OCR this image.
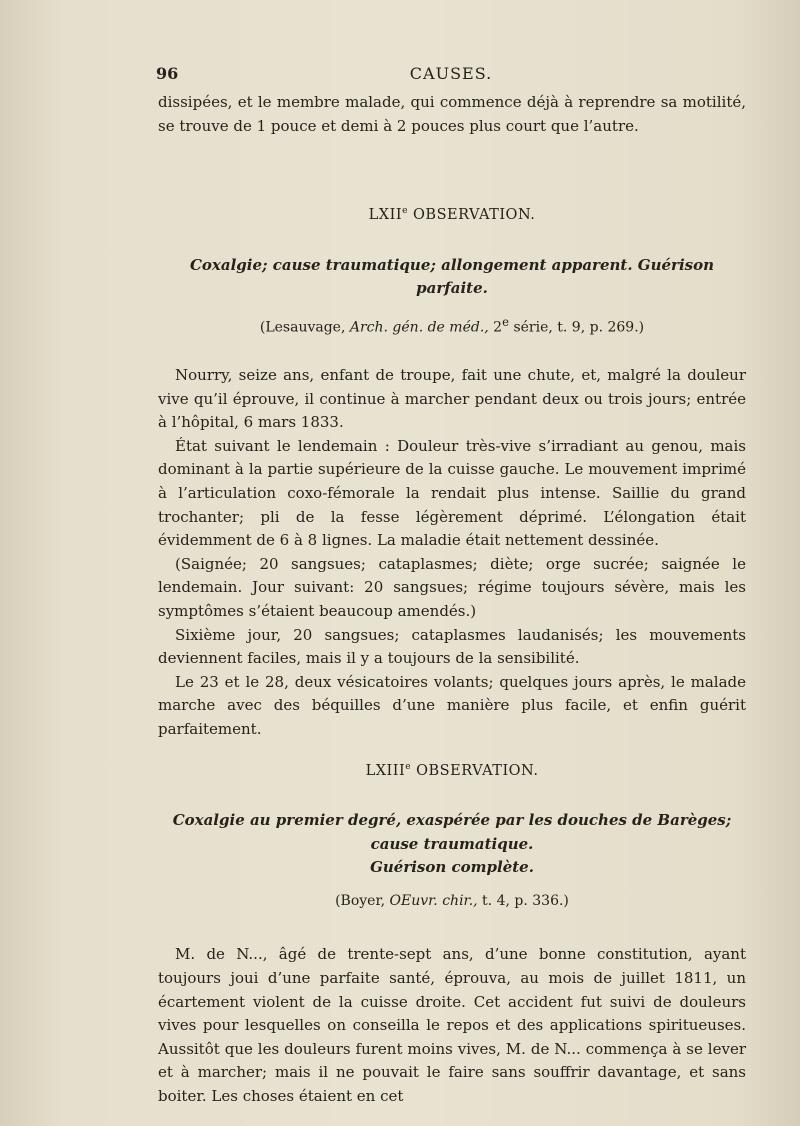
96	CAUSES.

dissipées, et le membre malade, qui commence déjà à reprendre sa motilité, se trouve de 1 pouce et demi à 2 pouces plus court que l’autre.

LXIIe OBSERVATION.

Coxalgie; cause traumatique; allongement apparent. Guérison parfaite.

(Lesauvage, Arch. gén. de méd., 2e série, t. 9, p. 269.)

Nourry, seize ans, enfant de troupe, fait une chute, et, malgré la douleur vive qu’il éprouve, il continue à marcher pendant deux ou trois jours; entrée à l’hôpital, 6 mars 1833.

État suivant le lendemain : Douleur très-vive s’irradiant au genou, mais dominant à la partie supérieure de la cuisse gauche. Le mouvement imprimé à l’articulation coxo-fémorale la rendait plus intense. Saillie du grand trochanter; pli de la fesse légèrement déprimé. L’élongation était évidemment de 6 à 8 lignes. La maladie était nettement dessinée.

(Saignée; 20 sangsues; cataplasmes; diète; orge sucrée; saignée le lendemain. Jour suivant: 20 sangsues; régime toujours sévère, mais les symptômes s’étaient beaucoup amendés.)

Sixième jour, 20 sangsues; cataplasmes laudanisés; les mouvements deviennent faciles, mais il y a toujours de la sensibilité.

Le 23 et le 28, deux vésicatoires volants; quelques jours après, le malade marche avec des béquilles d’une manière plus facile, et enfin guérit parfaitement.

LXIIIe OBSERVATION.

Coxalgie au premier degré, exaspérée par les douches de Barèges; cause traumatique.
Guérison complète.

(Boyer, OEuvr. chir., t. 4, p. 336.)

M. de N..., âgé de trente-sept ans, d’une bonne constitution, ayant toujours joui d’une parfaite santé, éprouva, au mois de juillet 1811, un écartement violent de la cuisse droite. Cet accident fut suivi de douleurs vives pour lesquelles on conseilla le repos et des applications spiritueuses. Aussitôt que les douleurs furent moins vives, M. de N... commença à se lever et à marcher; mais il ne pouvait le faire sans souffrir davantage, et sans boiter. Les choses étaient en cet
